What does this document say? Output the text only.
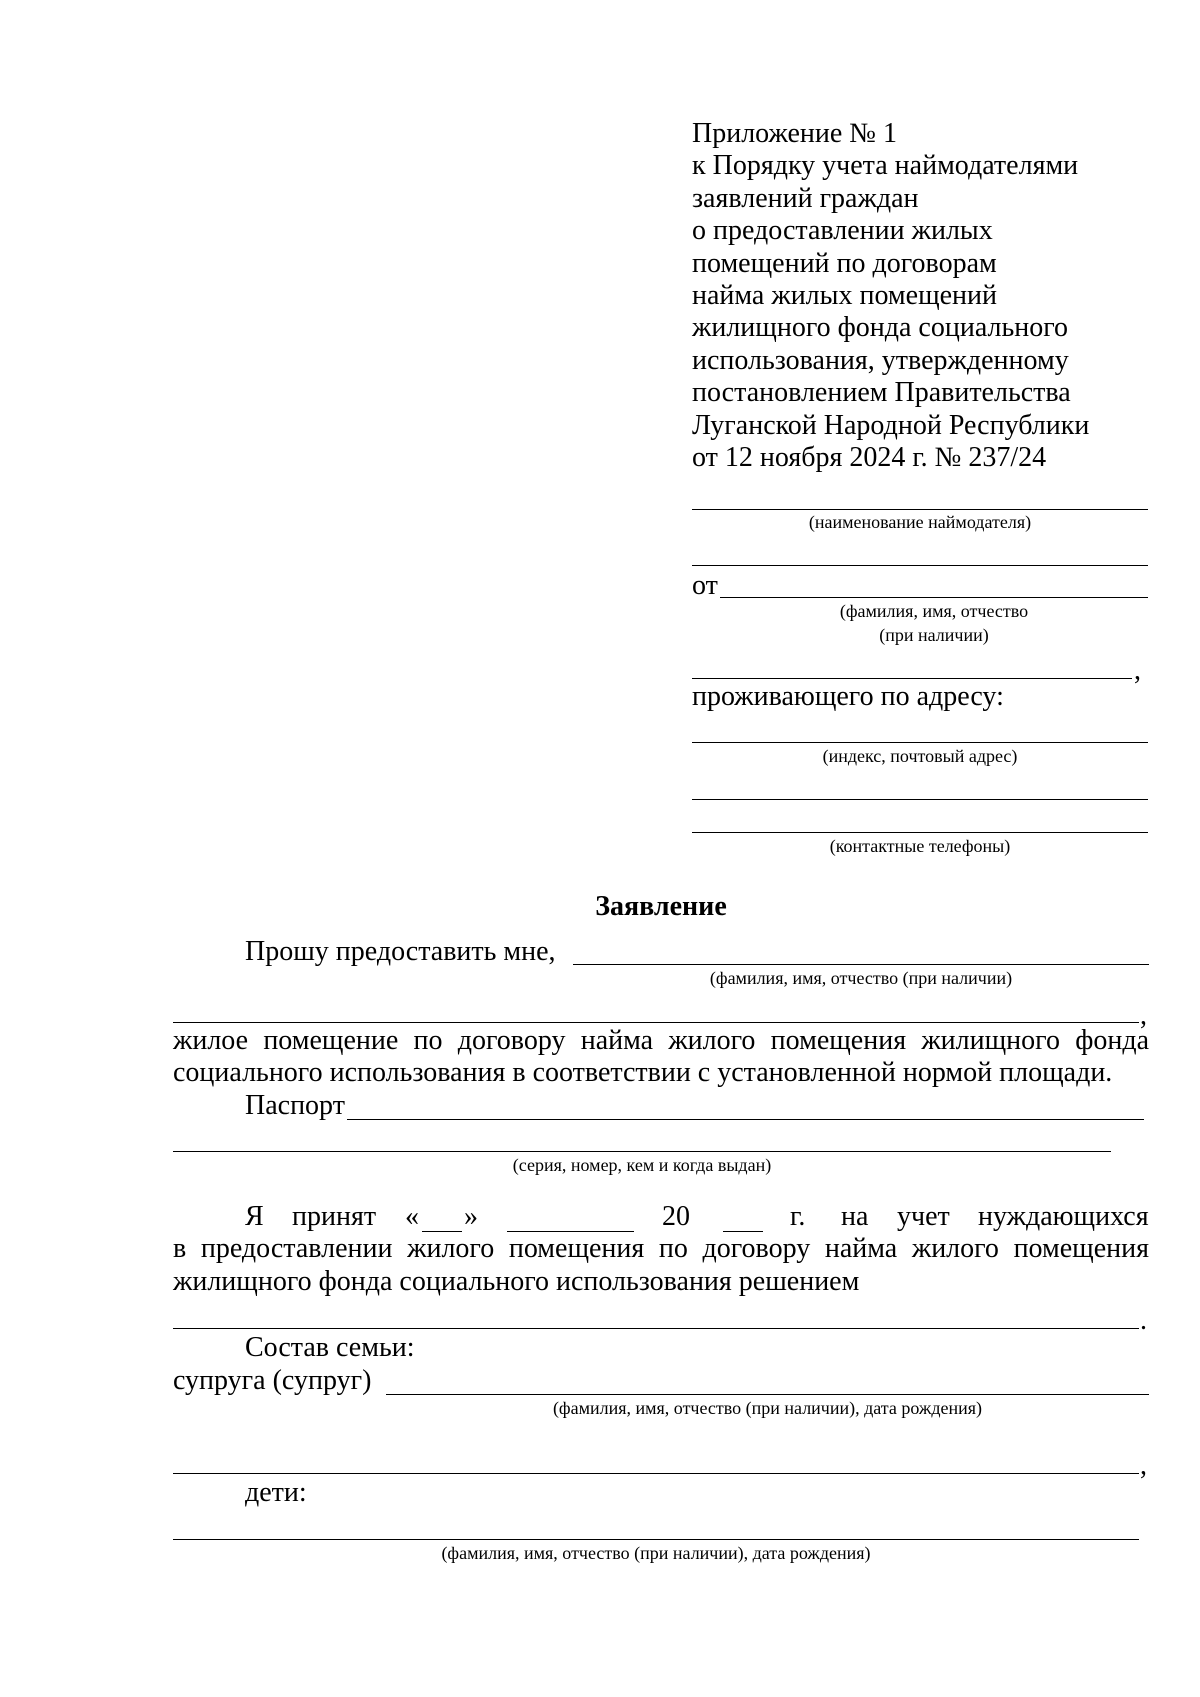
Приложение № 1
к Порядку учета наймодателями
заявлений граждан
о предоставлении жилых
помещений по договорам
найма жилых помещений
жилищного фонда социального
использования, утвержденному
постановлением Правительства
Луганской Народной Республики
от 12 ноября 2024 г. № 237/24
(наименование наймодателя)
от
(фамилия, имя, отчество
(при наличии)
,
проживающего по адресу:
(индекс, почтовый адрес)
(контактные телефоны)
Заявление
Прошу предоставить мне,
(фамилия, имя, отчество (при наличии)
,
жилое помещение по договору найма жилого помещения жилищного фонда
социального использования в соответствии с установленной нормой площади.
Паспорт
(серия, номер, кем и когда выдан)
Я принят « »	20	г. на учет нуждающихся
в предоставлении жилого помещения по договору найма жилого помещения
жилищного фонда социального использования решением
.
Состав семьи:
супруга (супруг)
(фамилия, имя, отчество (при наличии), дата рождения)
,
дети:
(фамилия, имя, отчество (при наличии), дата рождения)
